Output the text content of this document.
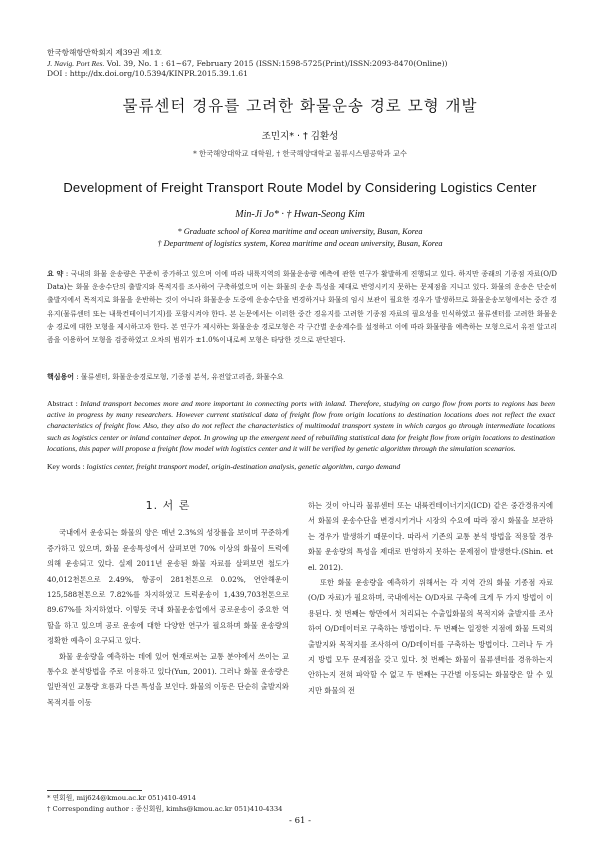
한국항해항만학회지 제39권 제1호
J. Navig. Port Res. Vol. 39, No. 1 : 61~67, February 2015 (ISSN:1598-5725(Print)/ISSN:2093-8470(Online))
DOI : http://dx.doi.org/10.5394/KINPR.2015.39.1.61
물류센터 경유를 고려한 화물운송 경로 모형 개발
조민지* · † 김환성
* 한국해양대학교 대학원, † 한국해양대학교 물류시스템공학과 교수
Development of Freight Transport Route Model by Considering Logistics Center
Min-Ji Jo* · † Hwan-Seong Kim
* Graduate school of Korea maritime and ocean university, Busan, Korea
† Department of logistics system, Korea maritime and ocean university, Busan, Korea
요 약 : 국내의 화물 운송량은 꾸준히 증가하고 있으며 이에 따라 내륙지역의 화물운송량 예측에 관한 연구가 활발하게 진행되고 있다. 하지만 종래의 기종점 자료(O/D Data)는 화물 운송수단의 출발지와 목적지를 조사하여 구축하였으며 이는 화물의 운송 특성을 제대로 반영시키지 못하는 문제점을 지니고 있다. 화물의 운송은 단순히 출발지에서 목적지로 화물을 운반하는 것이 아니라 화물운송 도중에 운송수단을 변경하거나 화물의 임시 보관이 필요한 경우가 발생하므로 화물운송모형에서는 중간 경유지(물류센터 또는 내륙컨테이너기지)를 포함시켜야 한다. 본 논문에서는 이러한 중간 경유지를 고려한 기종점 자료의 필요성을 인식하였고 물류센터를 고려한 화물운송 경로에 대한 모형을 제시하고자 한다. 본 연구가 제시하는 화물운송 경로모형은 각 구간별 운송계수를 설정하고 이에 따라 화물량을 예측하는 모형으로서 유전 알고리즘을 이용하여 모형을 검증하였고 오차의 범위가 ±1.0%이내로써 모형은 타당한 것으로 판단된다.
핵심용어 : 물류센터, 화물운송경로모형, 기종점 분석, 유전알고리즘, 화물수요
Abstract : Inland transport becomes more and more important in connecting ports with inland. Therefore, studying on cargo flow from ports to regions has been active in progress by many researchers. However current statistical data of freight flow from origin locations to destination locations does not reflect the exact characteristics of freight flow. Also, they also do not reflect the characteristics of multimodal transport system in which cargos go through intermediate locations such as logistics center or inland container depot. In growing up the emergent need of rebuilding statistical data for freight flow from origin locations to destination locations, this paper will propose a freight flow model with logistics center and it will be verified by genetic algorithm through the simulation scenarios.
Key words : logistics center, freight transport model, origin-destination analysis, genetic algorithm, cargo demand
1. 서 론

국내에서 운송되는 화물의 양은 매년 2.3%의 성장률을 보이며 꾸준하게 증가하고 있으며, 화물 운송특성에서 살펴보면 70% 이상의 화물이 트럭에 의해 운송되고 있다. 실제 2011년 운송된 화물 자료를 살펴보면 철도가 40,012천톤으로 2.49%, 항공이 281천톤으로 0.02%, 연안해운이 125,588천톤으로 7.82%를 차지하였고 트럭운송이 1,439,703천톤으로 89.67%를 차지하였다. 이렇듯 국내 화물운송업에서 공로운송이 중요한 역할을 하고 있으며 공로 운송에 대한 다양한 연구가 필요하며 화물 운송량의 정확한 예측이 요구되고 있다.

화물 운송량을 예측하는 데에 있어 현재로써는 교통 분야에서 쓰이는 교통수요 분석방법을 주로 이용하고 있다(Yun, 2001). 그러나 화물 운송량은 일반적인 교통량 흐름과 다른 특성을 보인다. 화물의 이동은 단순히 출발지와 목적지를 이동

하는 것이 아니라 물류센터 또는 내륙컨테이너기지(ICD) 같은 중간경유지에서 화물의 운송수단을 변경시키거나 시장의 수요에 따라 잠시 화물을 보관하는 경우가 발생하기 때문이다. 따라서 기존의 교통 분석 방법을 적용할 경우 화물 운송량의 특성을 제대로 반영하지 못하는 문제점이 발생한다.(Shin. et el. 2012).

또한 화물 운송량을 예측하기 위해서는 각 지역 간의 화물 기종점 자료(O/D 자료)가 필요하며, 국내에서는 O/D자료 구축에 크게 두 가지 방법이 이용된다. 첫 번째는 항만에서 처리되는 수출입화물의 목적지와 출발지를 조사하여 O/D데이터로 구축하는 방법이다. 두 번째는 일정한 지점에 화물 트럭의 출발지와 목적지를 조사하여 O/D데이터를 구축하는 방법이다. 그러나 두 가지 방법 모두 문제점을 갖고 있다. 첫 번째는 화물이 물류센터를 경유하는지 안하는지 전혀 파악할 수 없고 두 번째는 구간별 이동되는 화물량은 알 수 있지만 화물의 전

* 연회원, mij624@kmou.ac.kr 051)410-4914
† Corresponding author : 종신회원, kimhs@kmou.ac.kr 051)410-4334
- 61 -
